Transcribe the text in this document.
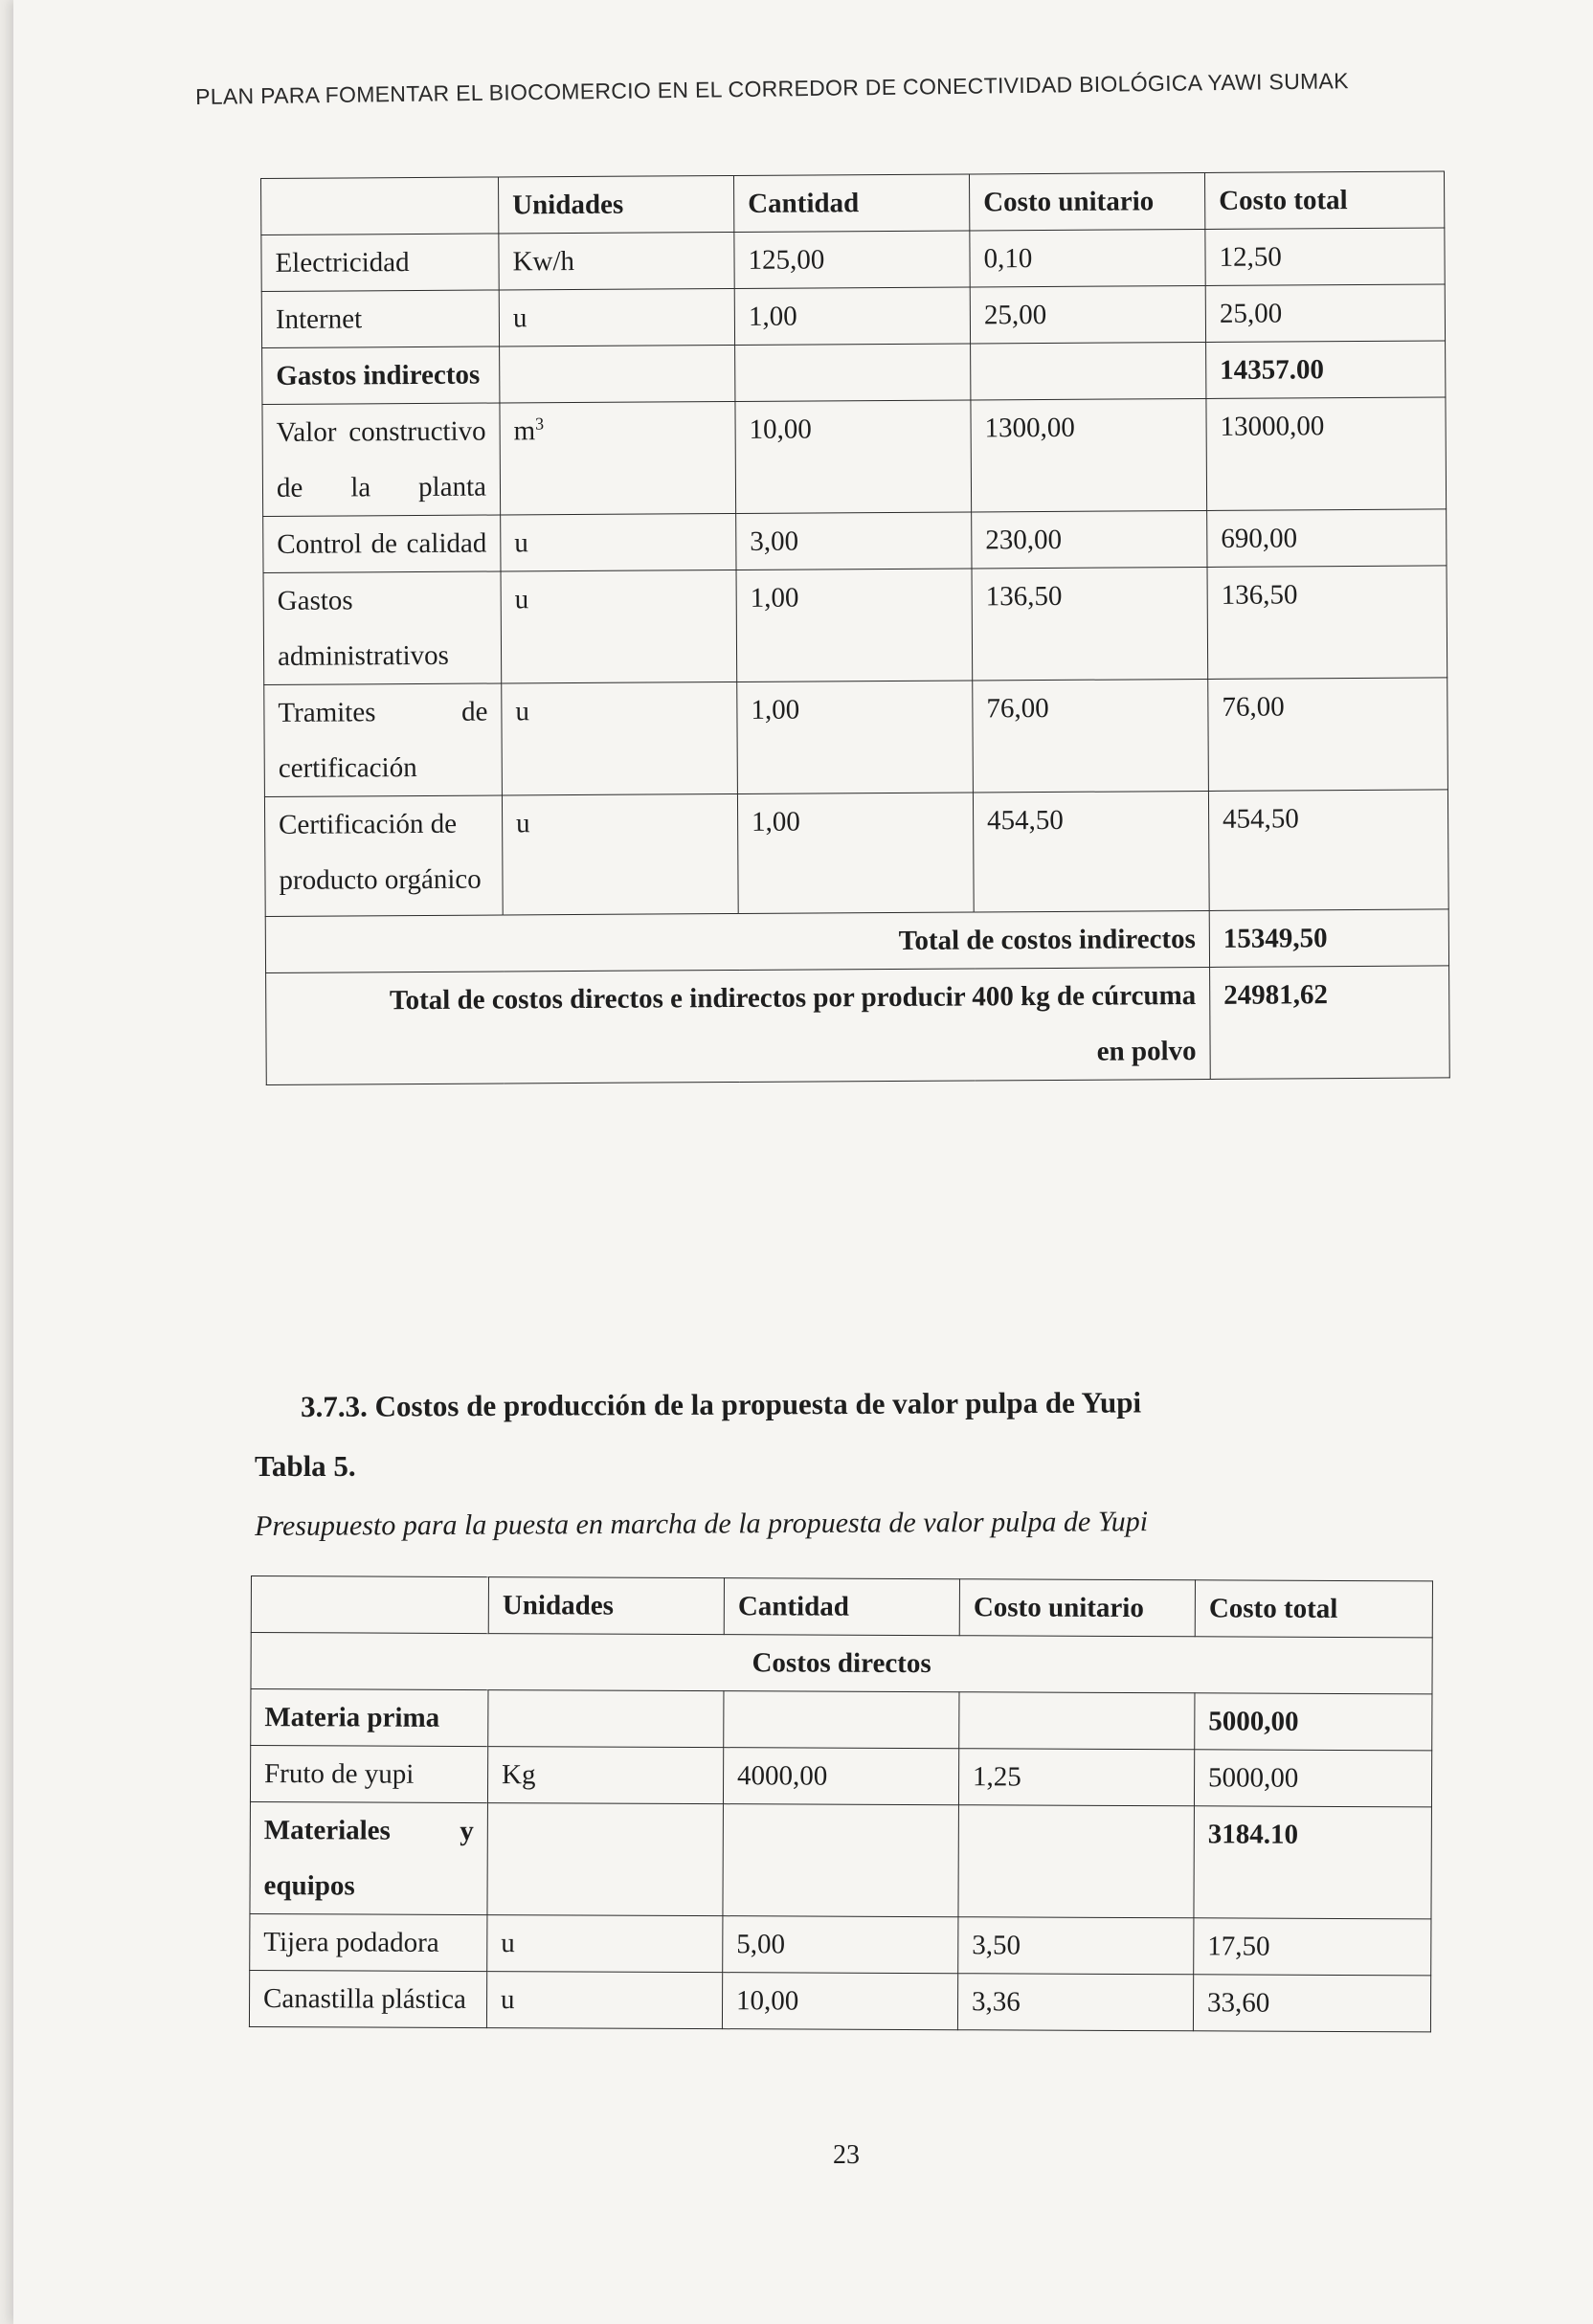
PLAN PARA FOMENTAR EL BIOCOMERCIO EN EL CORREDOR DE CONECTIVIDAD BIOLÓGICA YAWI SUMAK
	Unidades	Cantidad	Costo unitario	Costo total
Electricidad	Kw/h	125,00	0,10	12,50
Internet	u	1,00	25,00	25,00
Gastos indirectos				14357.00
Valor constructivo de la planta	$m^3$	10,00	1300,00	13000,00
Control de calidad	u	3,00	230,00	690,00
Gastos administrativos	u	1,00	136,50	136,50
Tramites de certificación	u	1,00	76,00	76,00
Certificación de producto orgánico	u	1,00	454,50	454,50
Total de costos indirectos				15349,50
Total de costos directos e indirectos por producir 400 kg de cúrcuma en polvo				24981,62
3.7.3. Costos de producción de la propuesta de valor pulpa de Yupi
Tabla 5.
Presupuesto para la puesta en marcha de la propuesta de valor pulpa de Yupi
	Unidades	Cantidad	Costo unitario	Costo total
Costos directos				
Materia prima				5000,00
Fruto de yupi	Kg	4000,00	1,25	5000,00
Materiales y equipos				3184.10
Tijera podadora	u	5,00	3,50	17,50
Canastilla plástica	u	10,00	3,36	33,60
23
